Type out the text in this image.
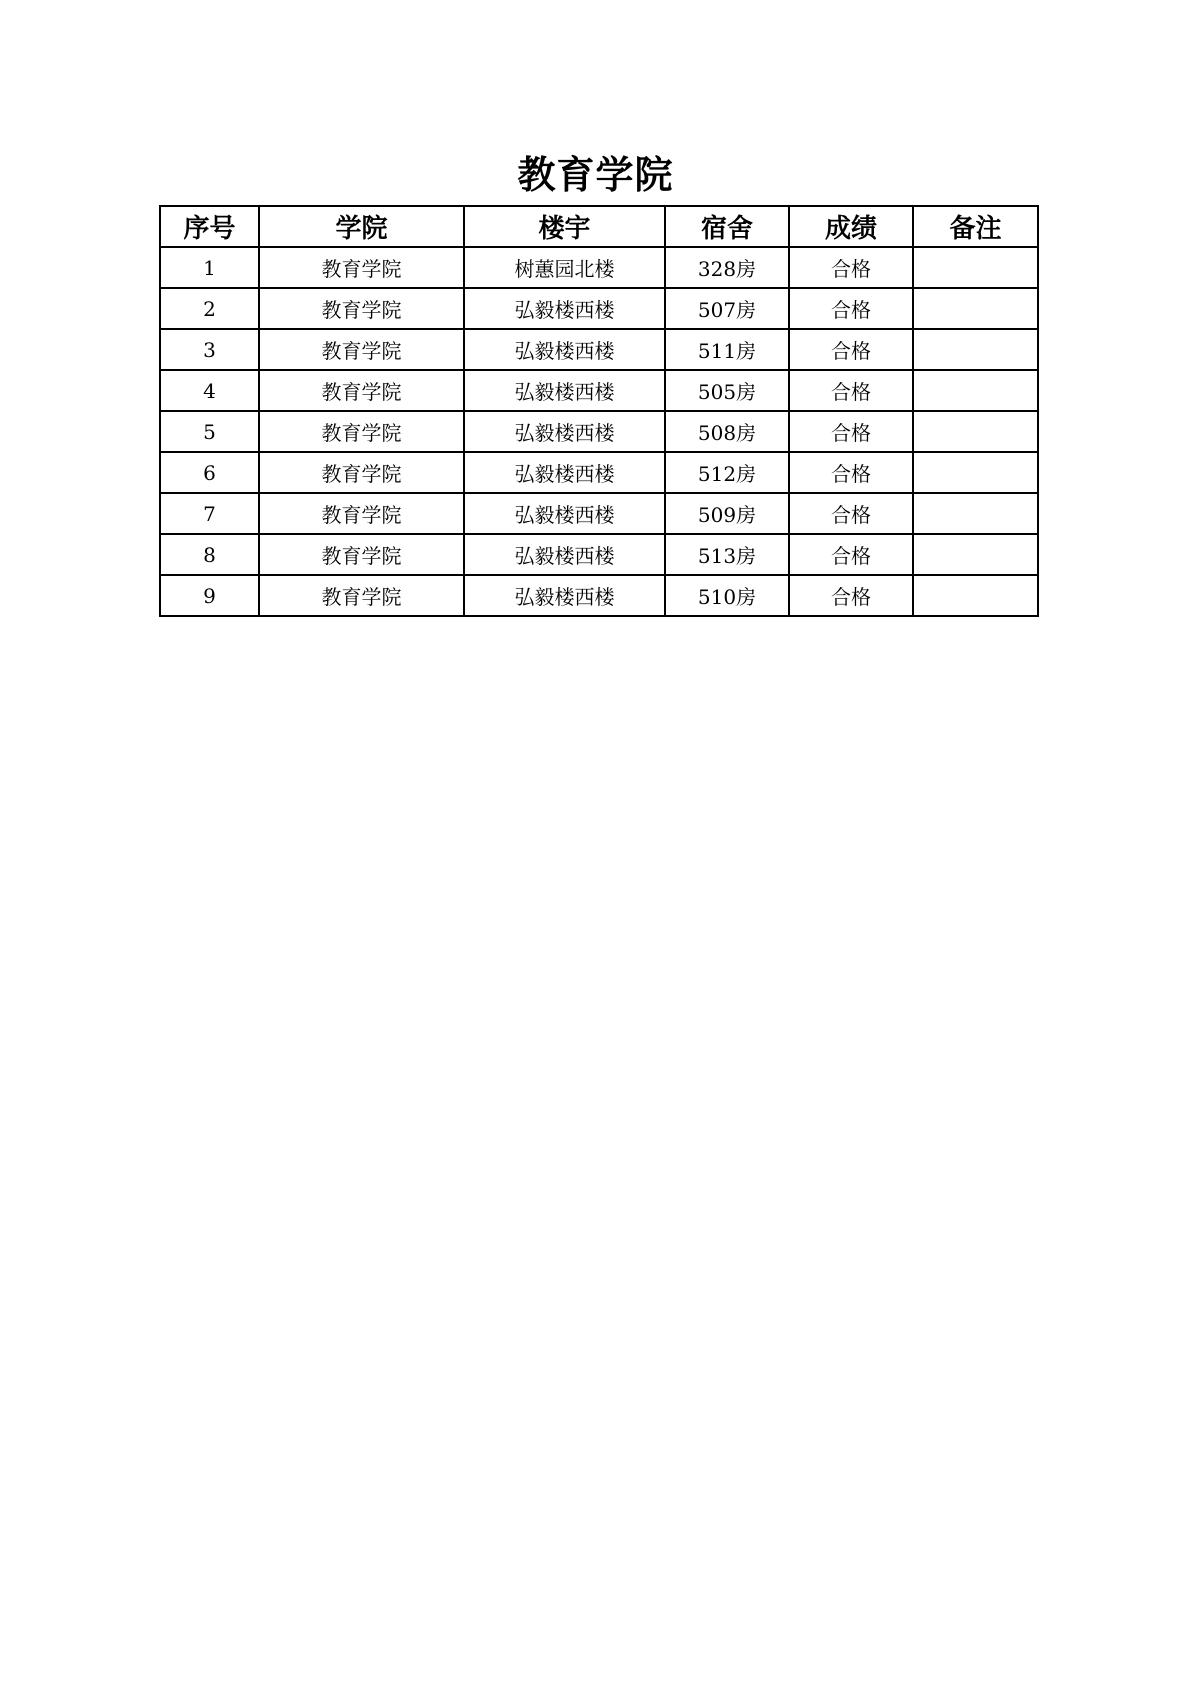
教育学院
序号	学院	楼宇	宿舍	成绩	备注
1	教育学院	树蕙园北楼	328房	合格	
2	教育学院	弘毅楼西楼	507房	合格	
3	教育学院	弘毅楼西楼	511房	合格	
4	教育学院	弘毅楼西楼	505房	合格	
5	教育学院	弘毅楼西楼	508房	合格	
6	教育学院	弘毅楼西楼	512房	合格	
7	教育学院	弘毅楼西楼	509房	合格	
8	教育学院	弘毅楼西楼	513房	合格	
9	教育学院	弘毅楼西楼	510房	合格	
